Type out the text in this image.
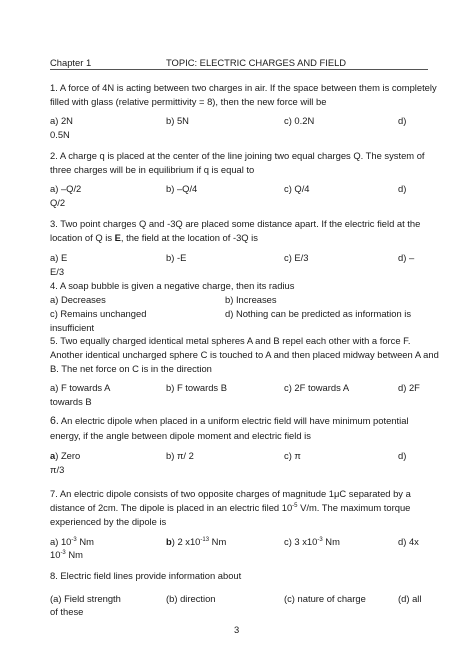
Chapter 1	TOPIC: ELECTRIC CHARGES AND FIELD
1. A force of 4N is acting between two charges in air. If the space between them is completely
filled with glass (relative permittivity = 8), then the new force will be
a) 2N	b) 5N	c) 0.2N	d)
0.5N
2. A charge q is placed at the center of the line joining two equal charges Q. The system of
three charges will be in equilibrium if q is equal to
a) –Q/2	b) –Q/4	c) Q/4	d)
Q/2
3. Two point charges Q and -3Q are placed some distance apart. If the electric field at the
location of Q is E, the field at the location of -3Q is
a) E	b) -E	c) E/3	d) –
E/3
4. A soap bubble is given a negative charge, then its radius
a) Decreases	b) Increases
c) Remains unchanged	d) Nothing can be predicted as information is
insufficient
5. Two equally charged identical metal spheres A and B repel each other with a force F.
Another identical uncharged sphere C is touched to A and then placed midway between A and
B. The net force on C is in the direction
a) F towards A	b) F towards B	c) 2F towards A	d) 2F
towards B
6. An electric dipole when placed in a uniform electric field will have minimum potential
energy, if the angle between dipole moment and electric field is
a) Zero	b) π/ 2	c) π	d)
π/3
7. An electric dipole consists of two opposite charges of magnitude 1μC separated by a
distance of 2cm. The dipole is placed in an electric filed $10^{-5}$ V/m. The maximum torque
experienced by the dipole is
a) $10^{-3}$ Nm	b) 2 $x10^{-13}$ Nm	c) 3 $x10^{-3}$ Nm	d) 4x
$10^{-3}$ Nm
8. Electric field lines provide information about
(a) Field strength	(b) direction	(c) nature of charge	(d) all
of these
3
